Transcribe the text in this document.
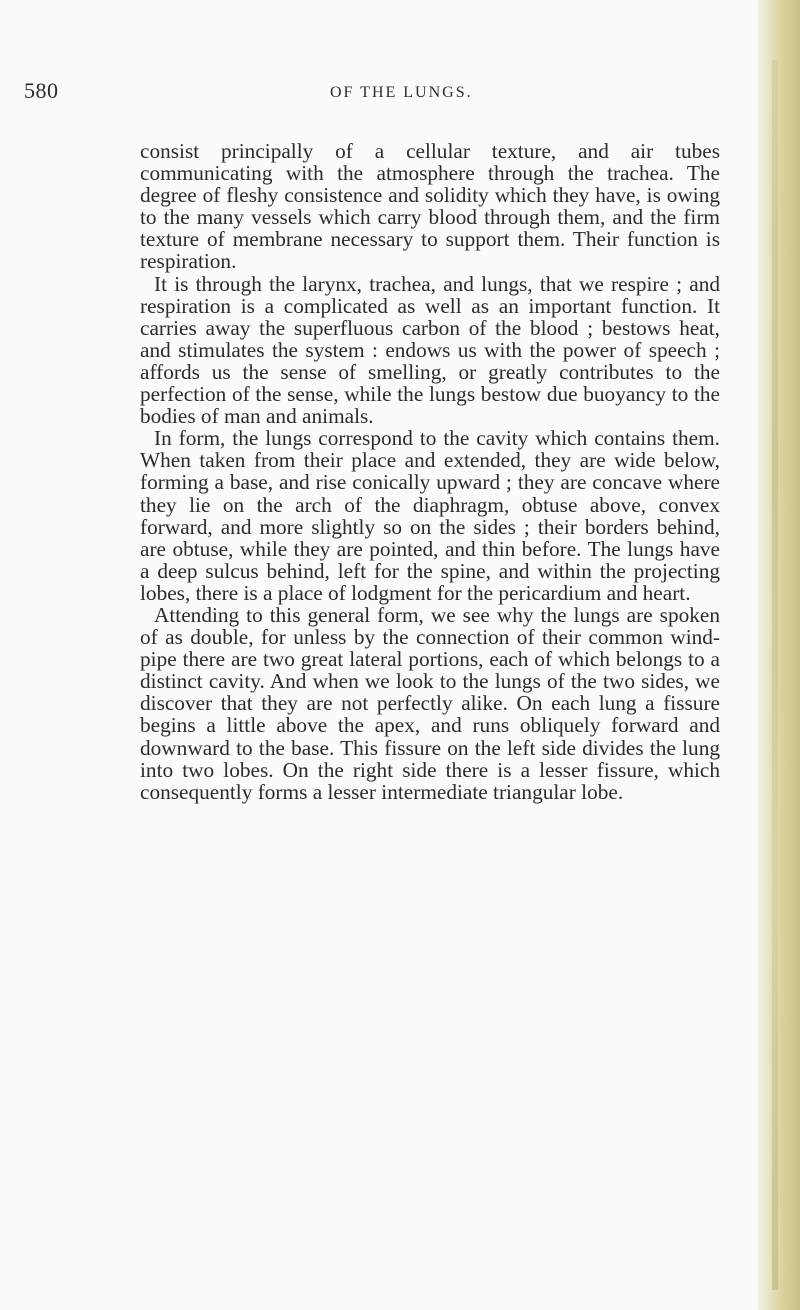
580	OF THE LUNGS.

consist principally of a cellular texture, and air tubes communicating with the atmosphere through the trachea. The degree of fleshy consistence and solidity which they have, is owing to the many vessels which carry blood through them, and the firm texture of membrane necessary to support them. Their function is respiration.

It is through the larynx, trachea, and lungs, that we respire ; and respiration is a complicated as well as an important function. It carries away the superfluous carbon of the blood ; bestows heat, and stimulates the system : endows us with the power of speech ; affords us the sense of smelling, or greatly contributes to the perfection of the sense, while the lungs bestow due buoyancy to the bodies of man and animals.

In form, the lungs correspond to the cavity which contains them. When taken from their place and extended, they are wide below, forming a base, and rise conically upward ; they are concave where they lie on the arch of the diaphragm, obtuse above, convex forward, and more slightly so on the sides ; their borders behind, are obtuse, while they are pointed, and thin before. The lungs have a deep sulcus behind, left for the spine, and within the projecting lobes, there is a place of lodgment for the pericardium and heart.

Attending to this general form, we see why the lungs are spoken of as double, for unless by the connection of their common wind-pipe there are two great lateral portions, each of which belongs to a distinct cavity. And when we look to the lungs of the two sides, we discover that they are not perfectly alike. On each lung a fissure begins a little above the apex, and runs obliquely forward and downward to the base. This fissure on the left side divides the lung into two lobes. On the right side there is a lesser fissure, which consequently forms a lesser intermediate triangular lobe.
